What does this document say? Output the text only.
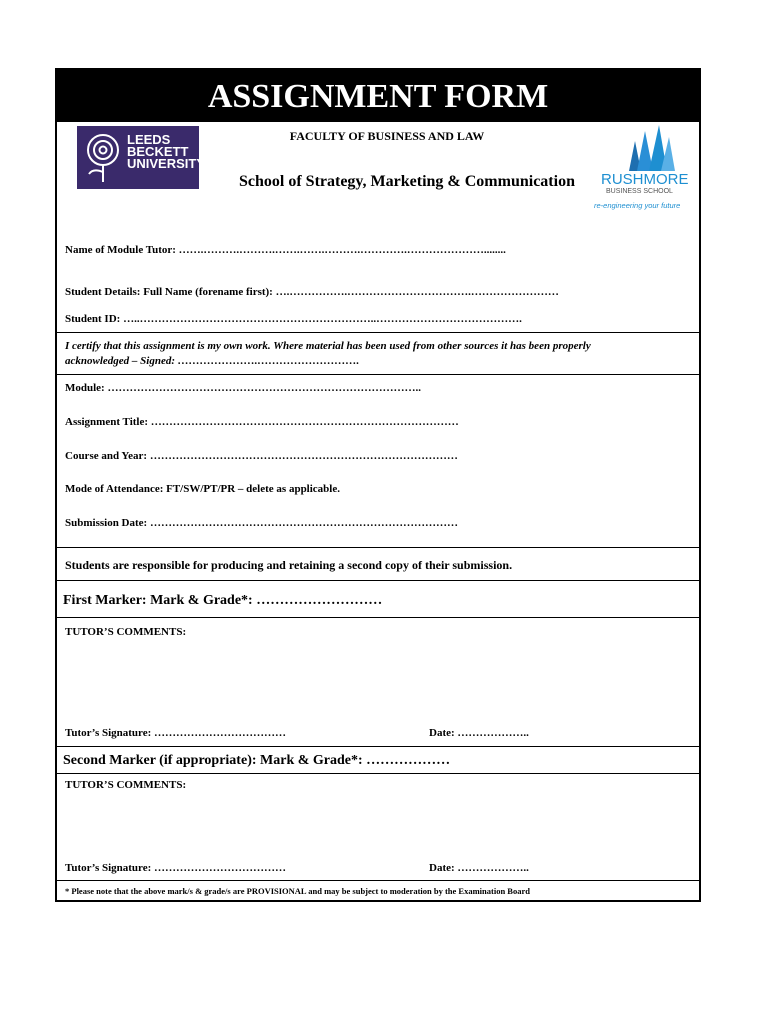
ASSIGNMENT FORM
LEEDS
BECKETT
UNIVERSITY
FACULTY OF BUSINESS AND LAW
School of Strategy, Marketing & Communication	RUSHMORE
BUSINESS SCHOOL
re-engineering your future
Name of Module Tutor: …….……….……….…….…….……….………….…………………........
Student Details: Full Name (forename first): ….…………….…………………………….……………………
Student ID: …..………………………………………………………..………………………………….
I certify that this assignment is my own work. Where material has been used from other sources it has been properly
acknowledged – Signed: ………………….……………………….
Module: …………………………………………………………………………..
Assignment Title: …………………………………………………………………………
Course and Year: …………………………………………………………………………
Mode of Attendance: FT/SW/PT/PR – delete as applicable.
Submission Date: …………………………………………………………………………
Students are responsible for producing and retaining a second copy of their submission.
First Marker: Mark & Grade*: ………………………
TUTOR’S COMMENTS:
Tutor’s Signature: ………………………………	Date: ………………..
Second Marker (if appropriate): Mark & Grade*: ………………
TUTOR’S COMMENTS:
Tutor’s Signature: ………………………………	Date: ………………..
* Please note that the above mark/s & grade/s are PROVISIONAL and may be subject to moderation by the Examination Board
